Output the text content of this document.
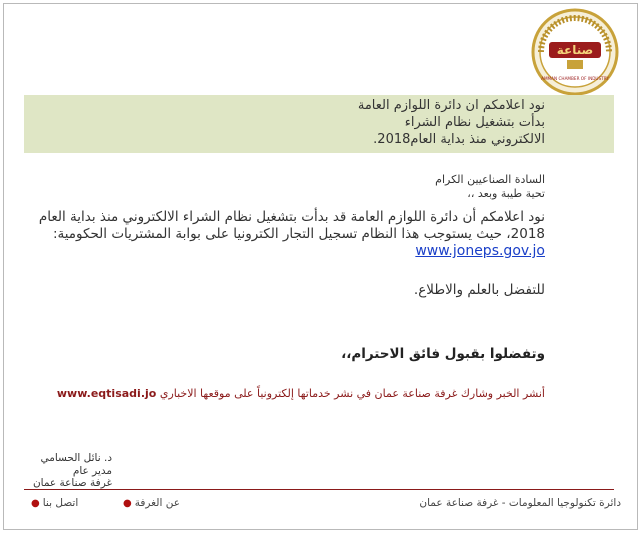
صناعة
AMMAN CHAMBER OF INDUSTRY
نود اعلامكم ان دائرة اللوازم العامة
بدأت بتشغيل نظام الشراء
الالكتروني منذ بداية العام2018.
السادة الصناعيين الكرام
تحية طيبة وبعد ،،
نود اعلامكم أن دائرة اللوازم العامة قد بدأت بتشغيل نظام الشراء الالكتروني منذ بداية العام 2018، حيث يستوجب هذا النظام تسجيل التجار الكترونيا على بوابة المشتريات الحكومية: www.joneps.gov.jo
للتفضل بالعلم والاطلاع.
وتفضلوا بقبول فائق الاحترام،،
أنشر الخبر وشارك غرفة صناعة عمان في نشر خدماتها إلكترونياً على موقعها الاخباري www.eqtisadi.jo
د. نائل الحسامي
مدير عام
غرفة صناعة عمان
اتصل بنا●	عن الغرفة●	دائرة تكنولوجيا المعلومات - غرفة صناعة عمان
